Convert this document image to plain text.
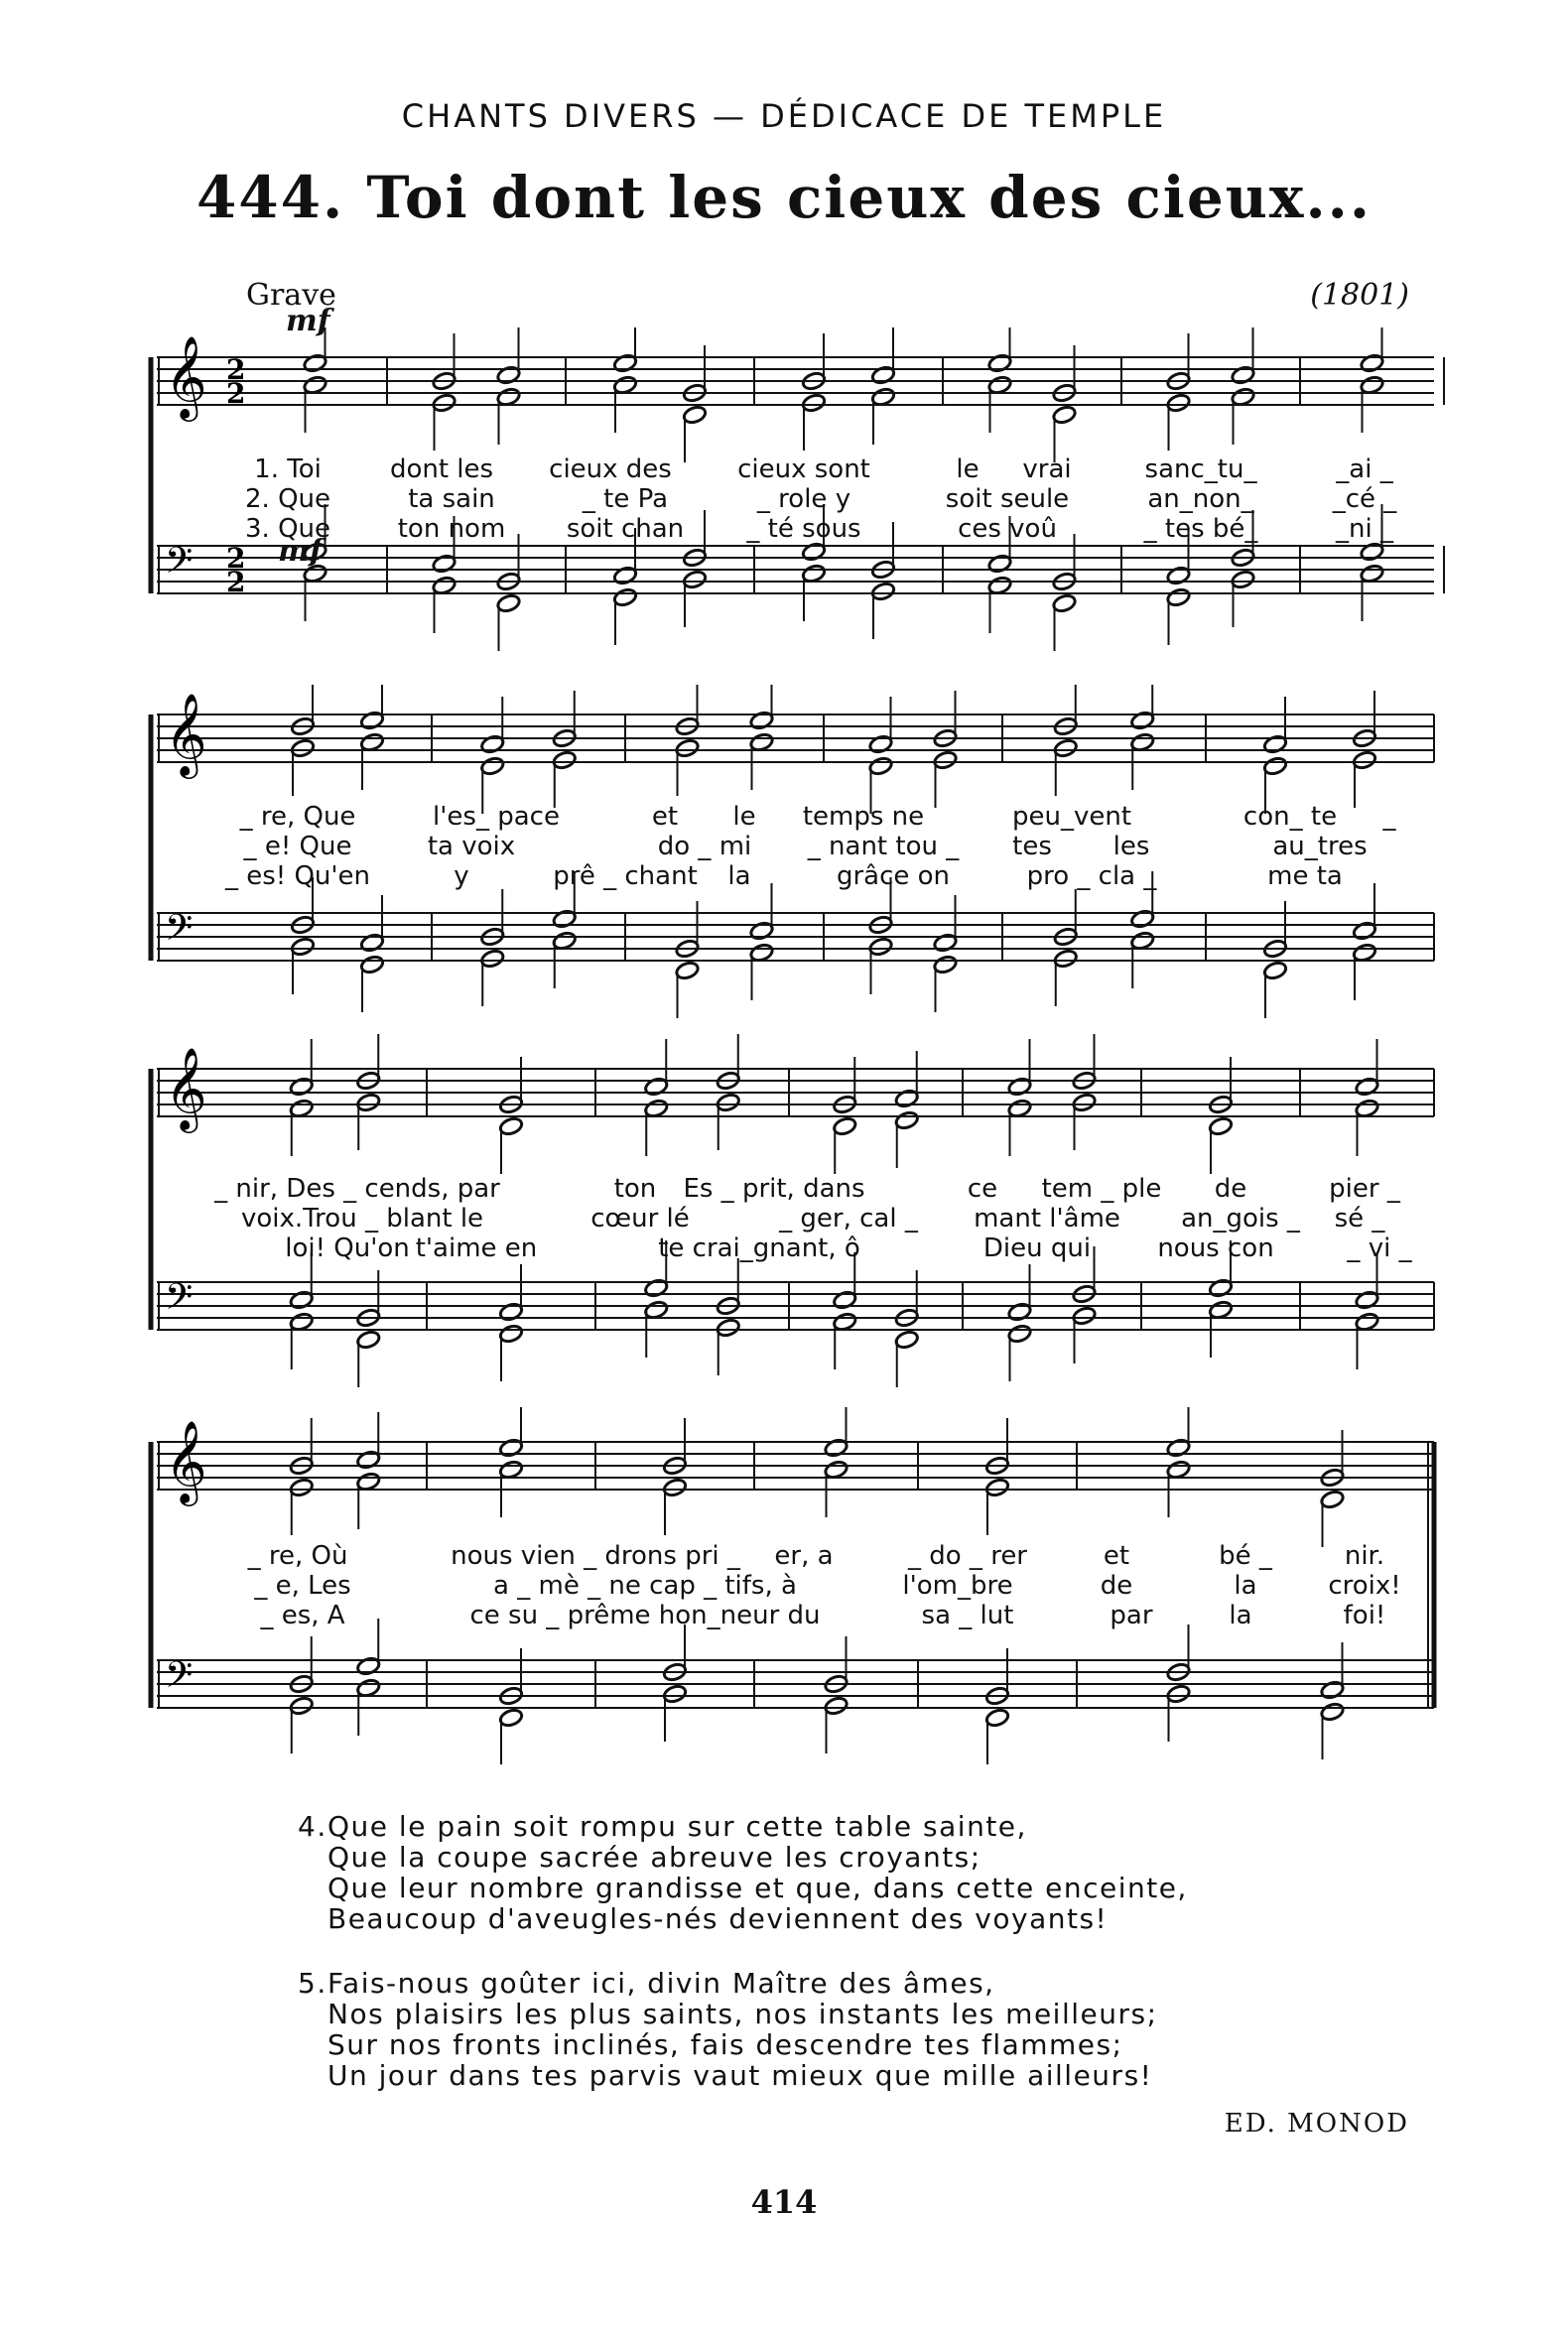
CHANTS DIVERS — DÉDICACE DE TEMPLE
444. Toi dont les cieux des cieux...
Grave	(1801)
mf
mf
𝄞 2
2
𝄢 2
2
1. Toi	dont les cieux des	cieux sont	le vrai	sanc_tu_	_ai _
2. Que	ta sain	_ te Pa	_ role y	soit seule	an_non_	_cé _
3. Que	ton nom soit chan _ té sous	ces voû	_ tes bé_	_ni _
𝄞
𝄢
_ re, Que	l'es_ pace	et le temps ne	peu_vent	con_ te _
_ e! Que	ta voix	do _ mi _ nant tou _ tes les	au_tres
_ es! Qu'en	y	prê _ chant la	grâce on	pro _ cla _	me ta
𝄞
𝄢
_ nir, Des _ cends, par	ton Es _ prit, dans	ce tem _ ple de	pier _
voix.Trou _ blant le	cœur lé	_ ger, cal _ mant l'âme an_gois _ sé _
loi! Qu'on t'aime en	te crai_gnant, ô	Dieu qui	nous con	_ vi _
𝄞
𝄢
_ re, Où	nous vien _ drons pri _ er, a	_ do _ rer	et	bé _	nir.
_ e, Les	a _ mè _ ne cap _ tifs, à	l'om_bre	de	la	croix!
_ es, A	ce su _ prême hon_neur du	sa _ lut	par	la	foi!
4. Que le pain soit rompu sur cette table sainte,
Que la coupe sacrée abreuve les croyants;
Que leur nombre grandisse et que, dans cette enceinte,
Beaucoup d'aveugles-nés deviennent des voyants!
5. Fais-nous goûter ici, divin Maître des âmes,
Nos plaisirs les plus saints, nos instants les meilleurs;
Sur nos fronts inclinés, fais descendre tes flammes;
Un jour dans tes parvis vaut mieux que mille ailleurs!
ED. MONOD
414
